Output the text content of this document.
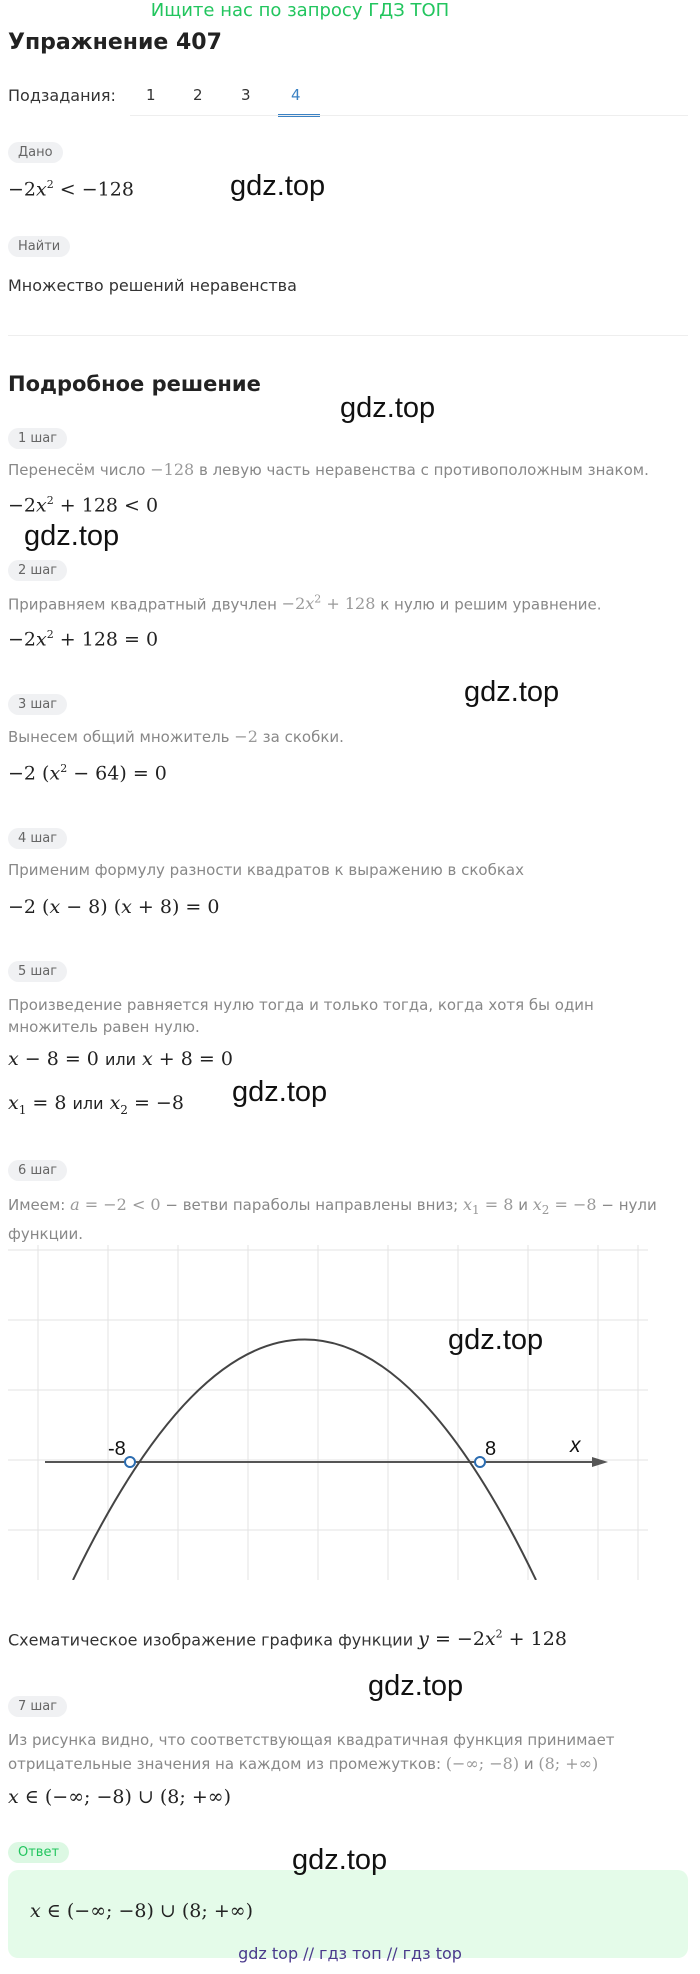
Ищите нас по запросу ГДЗ ТОП
Упражнение 407
Подзадания: 1 2	3	4
Дано
$-2x^2 < -128$
Найти
Множество решений неравенства
Подробное решение
1 шаг
Перенесём число −128 в левую часть неравенства с противоположным знаком.
$-2x^2 + 128 < 0$
2 шаг
Приравняем квадратный двучлен $-2x^2 + 128$ к нулю и решим уравнение.
$-2x^2 + 128 = 0$
3 шаг
Вынесем общий множитель −2 за скобки.
−2 $(x^2 - 64) = 0$
4 шаг
Применим формулу разности квадратов к выражению в скобках
−2 (x − 8) (x + 8) = 0
5 шаг
Произведение равняется нулю тогда и только тогда, когда хотя бы один множитель равен нулю.
x − 8 = 0 или x + 8 = 0
$x_1 = 8$ или $x_2 = -8$
6 шаг
Имеем: a = −2 < 0 − ветви параболы направлены вниз; $x_1 = 8$ и $x_2 = -8$ − нули функции.
-8	8	x
Схематическое изображение графика функции $y = -2x^2 + 128$
7 шаг
Из рисунка видно, что соответствующая квадратичная функция принимает отрицательные значения на каждом из промежутков: (−∞; −8) и (8; +∞)
x ∈ (−∞; −8) ∪ (8; +∞)
Ответ
x ∈ (−∞; −8) ∪ (8; +∞)
gdz.top
gdz.top
gdz.top
gdz.top
gdz.top
gdz.top
gdz.top
gdz.top
gdz top // гдз топ // гдз top
